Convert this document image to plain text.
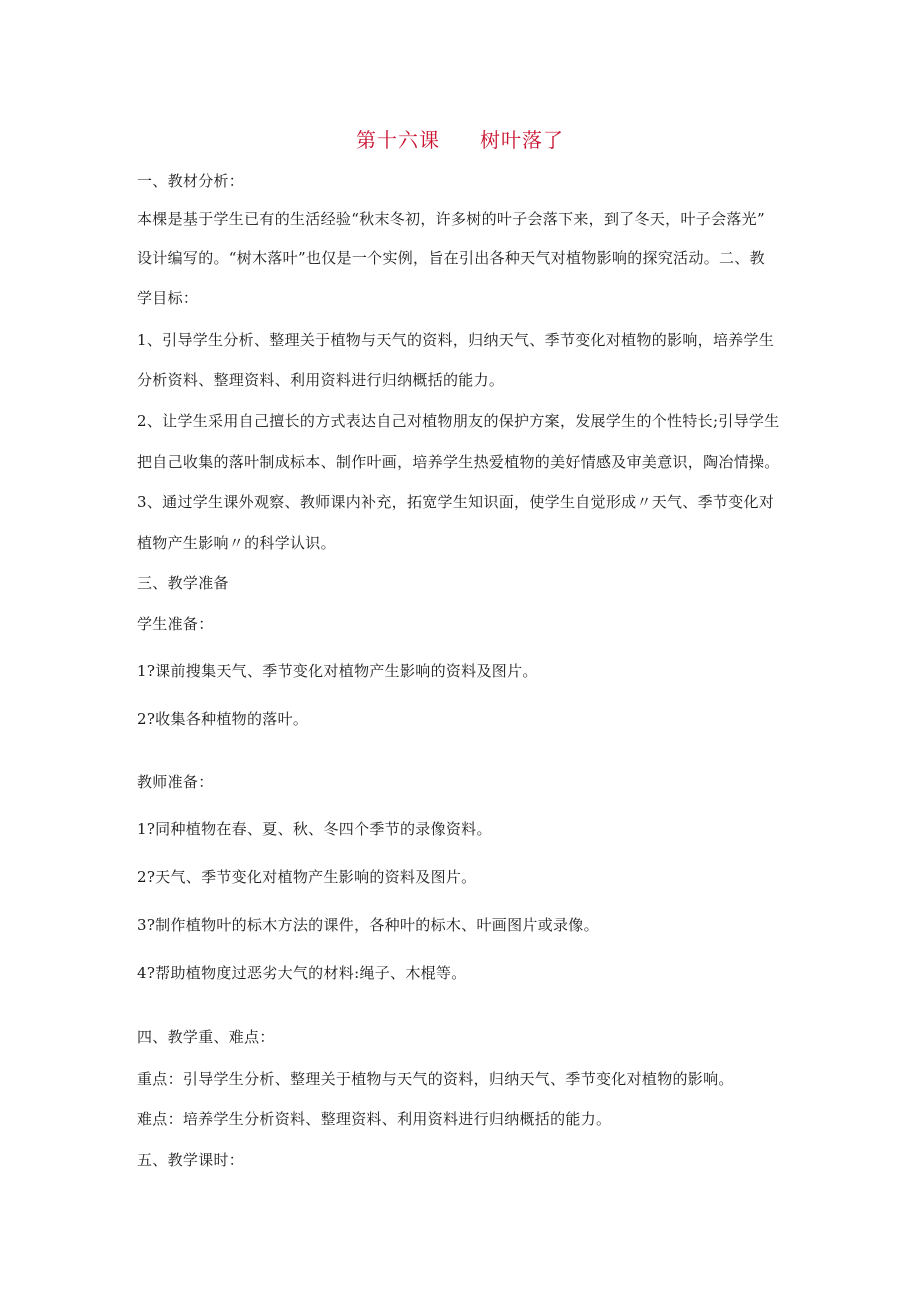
第十六课 树叶落了
一、教材分析：
本棵是基于学生已有的生活经验“秋末冬初，许多树的叶子会落下来，到了冬天，叶子会落光”
设计编写的。“树木落叶”也仅是一个实例，旨在引出各种天气对植物影响的探究活动。二、教
学目标：
1、引导学生分析、整理关于植物与天气的资料，归纳天气、季节变化对植物的影响，培养学生
分析资料、整理资料、利用资料进行归纳概括的能力。
2、让学生采用自己擅长的方式表达自己对植物朋友的保护方案，发展学生的个性特长;引导学生
把自己收集的落叶制成标本、制作叶画，培养学生热爱植物的美好情感及审美意识，陶冶情操。
3、通过学生课外观察、教师课内补充，拓宽学生知识面，使学生自觉形成〃天气、季节变化对
植物产生影响〃的科学认识。
三、教学准备
学生准备：
1?课前搜集天气、季节变化对植物产生影响的资料及图片。
2?收集各种植物的落叶。
教师准备：
1?同种植物在春、夏、秋、冬四个季节的录像资料。
2?天气、季节变化对植物产生影响的资料及图片。
3?制作植物叶的标木方法的课件，各种叶的标木、叶画图片或录像。
4?帮助植物度过恶劣大气的材料:绳子、木棍等。
四、教学重、难点：
重点：引导学生分析、整理关于植物与天气的资料，归纳天气、季节变化对植物的影响。
难点：培养学生分析资料、整理资料、利用资料进行归纳概括的能力。
五、教学课时：
